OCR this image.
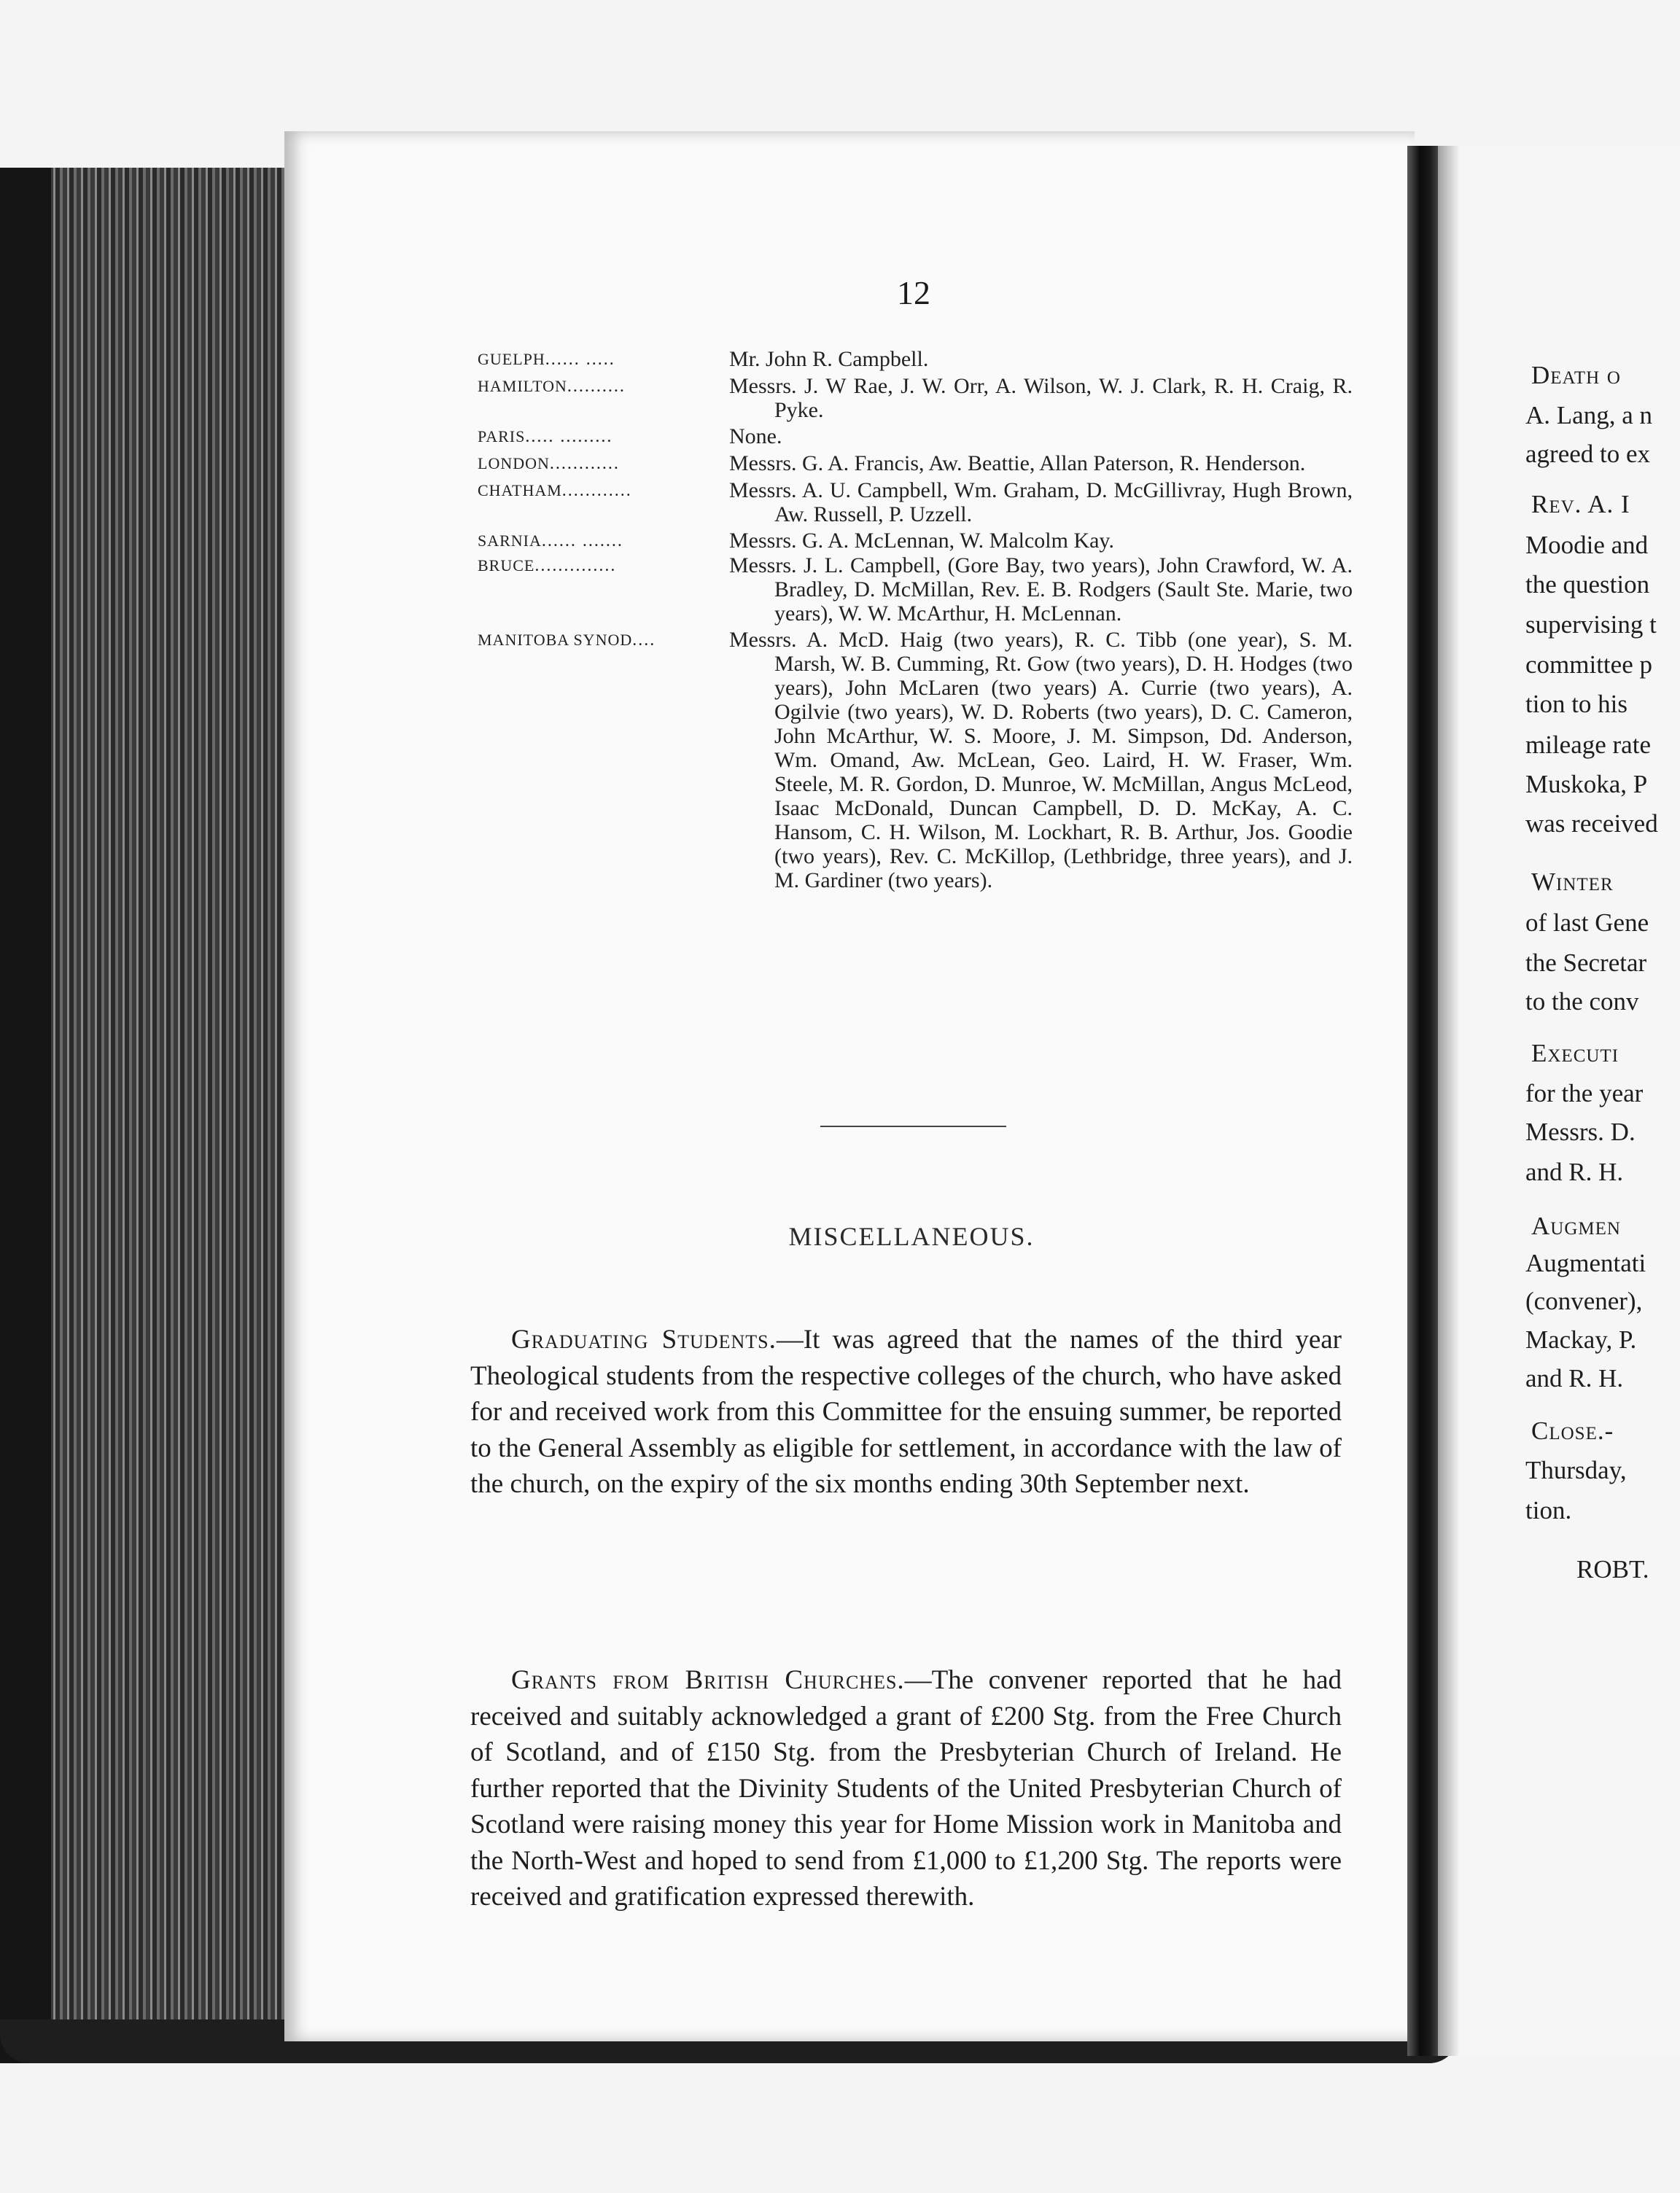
12
GUELPH...... .....	Mr. John R. Campbell.
HAMILTON..........	Messrs. J. W Rae, J. W. Orr, A. Wilson, W. J. Clark, R. H. Craig, R. Pyke.
PARIS..... .........	None.
LONDON............	Messrs. G. A. Francis, Aw. Beattie, Allan Paterson, R. Henderson.
CHATHAM............	Messrs. A. U. Campbell, Wm. Graham, D. McGillivray, Hugh Brown, Aw. Russell, P. Uzzell.
SARNIA...... .......	Messrs. G. A. McLennan, W. Malcolm Kay.
BRUCE..............	Messrs. J. L. Campbell, (Gore Bay, two years), John Crawford, W. A. Bradley, D. McMillan, Rev. E. B. Rodgers (Sault Ste. Marie, two years), W. W. McArthur, H. McLennan.
MANITOBA SYNOD....	Messrs. A. McD. Haig (two years), R. C. Tibb (one year), S. M. Marsh, W. B. Cumming, Rt. Gow (two years), D. H. Hodges (two years), John McLaren (two years) A. Currie (two years), A. Ogilvie (two years), W. D. Roberts (two years), D. C. Cameron, John McArthur, W. S. Moore, J. M. Simpson, Dd. Anderson, Wm. Omand, Aw. McLean, Geo. Laird, H. W. Fraser, Wm. Steele, M. R. Gordon, D. Munroe, W. McMillan, Angus McLeod, Isaac McDonald, Duncan Campbell, D. D. McKay, A. C. Hansom, C. H. Wilson, M. Lockhart, R. B. Arthur, Jos. Goodie (two years), Rev. C. McKillop, (Lethbridge, three years), and J. M. Gardiner (two years).
MISCELLANEOUS.

Graduating Students.—It was agreed that the names of the third year Theological students from the respective colleges of the church, who have asked for and received work from this Committee for the ensuing summer, be reported to the General Assembly as eligible for settlement, in accordance with the law of the church, on the expiry of the six months ending 30th September next.

Grants from British Churches.—The convener reported that he had received and suitably acknowledged a grant of £200 Stg. from the Free Church of Scotland, and of £150 Stg. from the Presbyterian Church of Ireland. He further reported that the Divinity Students of the United Presbyterian Church of Scotland were raising money this year for Home Mission work in Manitoba and the North-West and hoped to send from £1,000 to £1,200 Stg. The reports were received and gratification expressed therewith.

Death o
A. Lang, a n
agreed to ex
Rev. A. I
Moodie and
the question
supervising t
committee p
tion to his
mileage rate
Muskoka, P
was received
Winter
of last Gene
the Secretar
to the conv
Executi
for the year
Messrs. D.
and R. H.
Augmen
Augmentati
(convener),
Mackay, P.
and R. H.
Close.-
Thursday,
tion.
ROBT.
